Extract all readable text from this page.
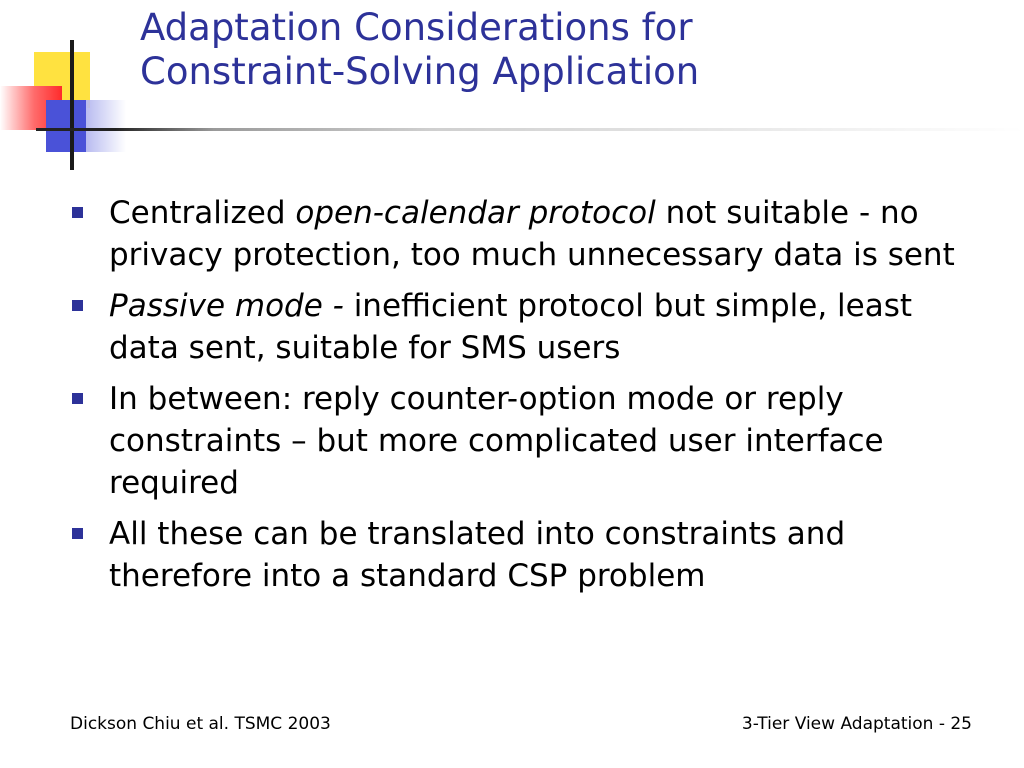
Adaptation Considerations for
Constraint-Solving Application
Centralized open-calendar protocol not suitable - no privacy protection, too much unnecessary data is sent
Passive mode - inefficient protocol but simple, least data sent, suitable for SMS users
In between: reply counter-option mode or reply constraints – but more complicated user interface required
All these can be translated into constraints and therefore into a standard CSP problem
Dickson Chiu et al. TSMC 2003	3-Tier View Adaptation - 25
